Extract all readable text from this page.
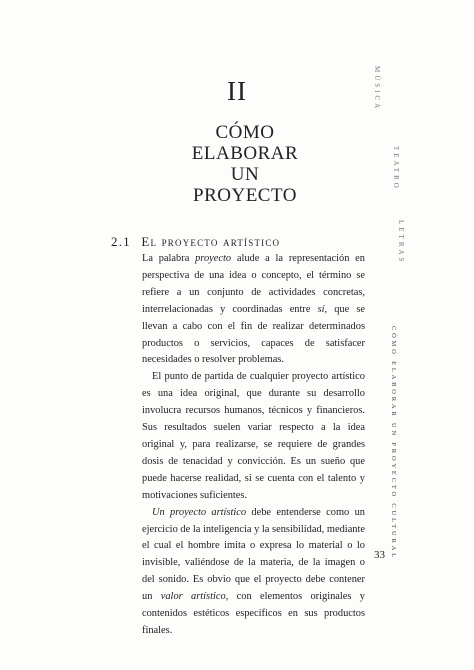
II
CÓMO
ELABORAR
UN
PROYECTO
2.1 El proyecto artístico

La palabra proyecto alude a la representación en perspectiva de una idea o concepto, el término se refiere a un conjunto de actividades concretas, interrelacionadas y coordinadas entre sí, que se llevan a cabo con el fin de realizar determinados productos o servicios, capaces de satisfacer necesidades o resolver problemas.

El punto de partida de cualquier proyecto artístico es una idea original, que durante su desarrollo involucra recursos humanos, técnicos y financieros. Sus resultados suelen variar respecto a la idea original y, para realizarse, se requiere de grandes dosis de tenacidad y convicción. Es un sueño que puede hacerse realidad, si se cuenta con el talento y motivaciones suficientes.

Un proyecto artístico debe entenderse como un ejercicio de la inteligencia y la sensibilidad, mediante el cual el hombre imita o expresa lo material o lo invisible, valiéndose de la materia, de la imagen o del sonido. Es obvio que el proyecto debe contener un valor artístico, con elementos originales y contenidos estéticos específicos en sus productos finales.

MÚSICA
TEATRO
LETRAS
CÓMO ELABORAR UN PROYECTO CULTURAL
33
